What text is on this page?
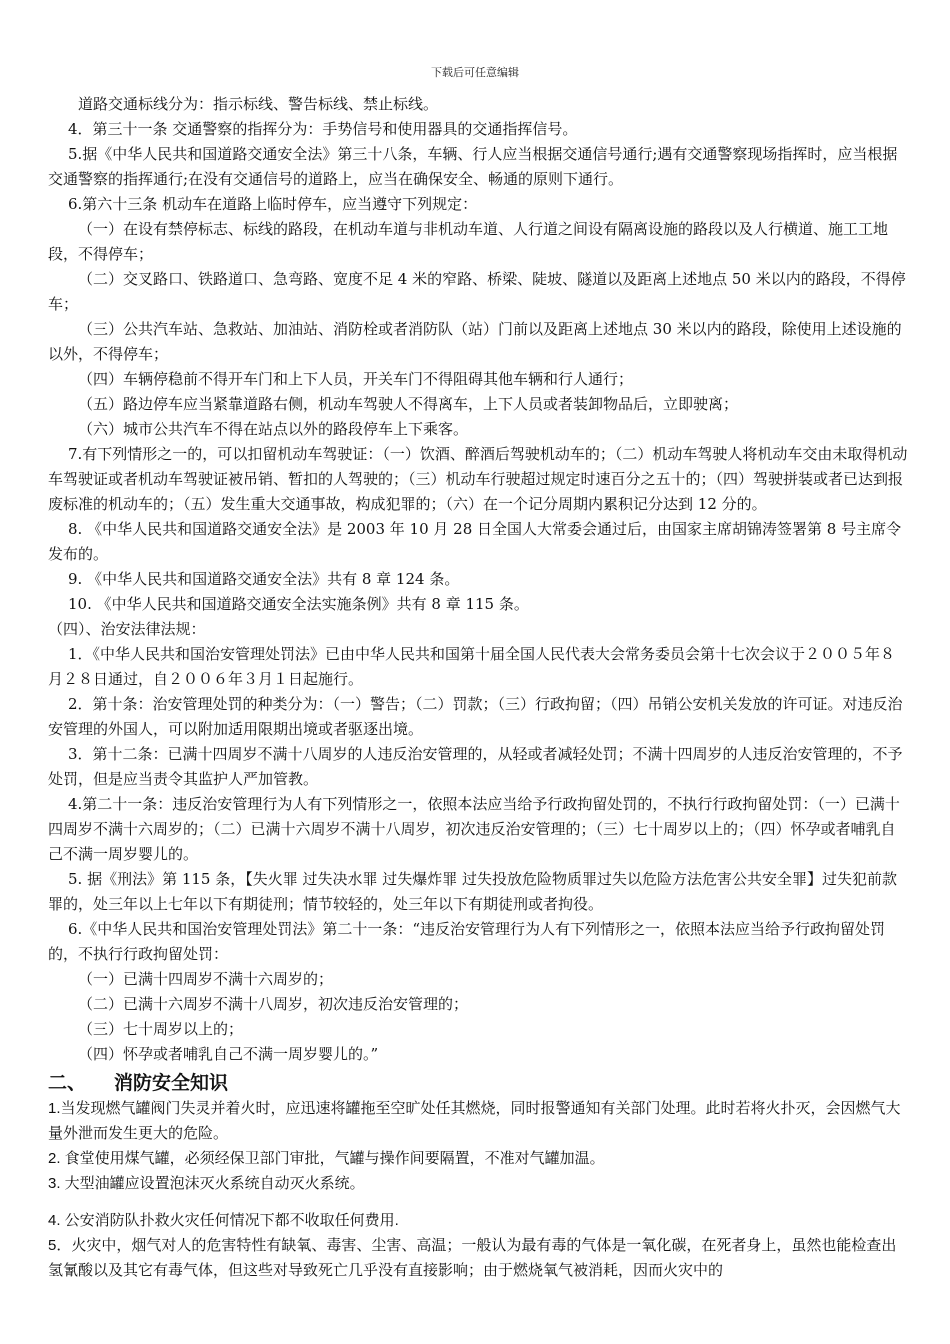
下载后可任意编辑

道路交通标线分为：指示标线、警告标线、禁止标线。

4．第三十一条 交通警察的指挥分为：手势信号和使用器具的交通指挥信号。

5.据《中华人民共和国道路交通安全法》第三十八条，车辆、行人应当根据交通信号通行;遇有交通警察现场指挥时，应当根据交通警察的指挥通行;在没有交通信号的道路上，应当在确保安全、畅通的原则下通行。

6.第六十三条 机动车在道路上临时停车，应当遵守下列规定：

（一）在设有禁停标志、标线的路段，在机动车道与非机动车道、人行道之间设有隔离设施的路段以及人行横道、施工工地段，不得停车；

（二）交叉路口、铁路道口、急弯路、宽度不足 4 米的窄路、桥梁、陡坡、隧道以及距离上述地点 50 米以内的路段，不得停车；

（三）公共汽车站、急救站、加油站、消防栓或者消防队（站）门前以及距离上述地点 30 米以内的路段，除使用上述设施的以外，不得停车；

（四）车辆停稳前不得开车门和上下人员，开关车门不得阻碍其他车辆和行人通行；

（五）路边停车应当紧靠道路右侧，机动车驾驶人不得离车，上下人员或者装卸物品后，立即驶离；

（六）城市公共汽车不得在站点以外的路段停车上下乘客。

7.有下列情形之一的，可以扣留机动车驾驶证：（一）饮酒、醉酒后驾驶机动车的；（二）机动车驾驶人将机动车交由未取得机动车驾驶证或者机动车驾驶证被吊销、暂扣的人驾驶的；（三）机动车行驶超过规定时速百分之五十的；（四）驾驶拼装或者已达到报废标准的机动车的；（五）发生重大交通事故，构成犯罪的；（六）在一个记分周期内累积记分达到 12 分的。

8. 《中华人民共和国道路交通安全法》是 2003 年 10 月 28 日全国人大常委会通过后，由国家主席胡锦涛签署第 8 号主席令发布的。

9. 《中华人民共和国道路交通安全法》共有 8 章 124 条。

10. 《中华人民共和国道路交通安全法实施条例》共有 8 章 115 条。

（四）、治安法律法规：

1．《中华人民共和国治安管理处罚法》已由中华人民共和国第十届全国人民代表大会常务委员会第十七次会议于２００５年８月２８日通过，自２００６年３月１日起施行。

2．第十条：治安管理处罚的种类分为：（一）警告；（二）罚款；（三）行政拘留；（四）吊销公安机关发放的许可证。对违反治安管理的外国人，可以附加适用限期出境或者驱逐出境。

3．第十二条：已满十四周岁不满十八周岁的人违反治安管理的，从轻或者减轻处罚；不满十四周岁的人违反治安管理的，不予处罚，但是应当责令其监护人严加管教。

4.第二十一条：违反治安管理行为人有下列情形之一，依照本法应当给予行政拘留处罚的，不执行行政拘留处罚：（一）已满十四周岁不满十六周岁的；（二）已满十六周岁不满十八周岁，初次违反治安管理的；（三）七十周岁以上的；（四）怀孕或者哺乳自己不满一周岁婴儿的。

5. 据《刑法》第 115 条，【失火罪 过失决水罪 过失爆炸罪 过失投放危险物质罪过失以危险方法危害公共安全罪】过失犯前款罪的，处三年以上七年以下有期徒刑；情节较轻的，处三年以下有期徒刑或者拘役。

6.《中华人民共和国治安管理处罚法》第二十一条：“违反治安管理行为人有下列情形之一，依照本法应当给予行政拘留处罚的，不执行行政拘留处罚：

（一）已满十四周岁不满十六周岁的；

（二）已满十六周岁不满十八周岁，初次违反治安管理的；

（三）七十周岁以上的；

（四）怀孕或者哺乳自己不满一周岁婴儿的。”

二、 消防安全知识

1.当发现燃气罐阀门失灵并着火时，应迅速将罐拖至空旷处任其燃烧，同时报警通知有关部门处理。此时若将火扑灭，会因燃气大量外泄而发生更大的危险。

2. 食堂使用煤气罐，必须经保卫部门审批，气罐与操作间要隔置，不准对气罐加温。

3. 大型油罐应设置泡沫灭火系统自动灭火系统。

4. 公安消防队扑救火灾任何情况下都不收取任何费用.

5．火灾中，烟气对人的危害特性有缺氧、毒害、尘害、高温；一般认为最有毒的气体是一氧化碳，在死者身上，虽然也能检查出氢氰酸以及其它有毒气体，但这些对导致死亡几乎没有直接影响；由于燃烧氧气被消耗，因而火灾中的
